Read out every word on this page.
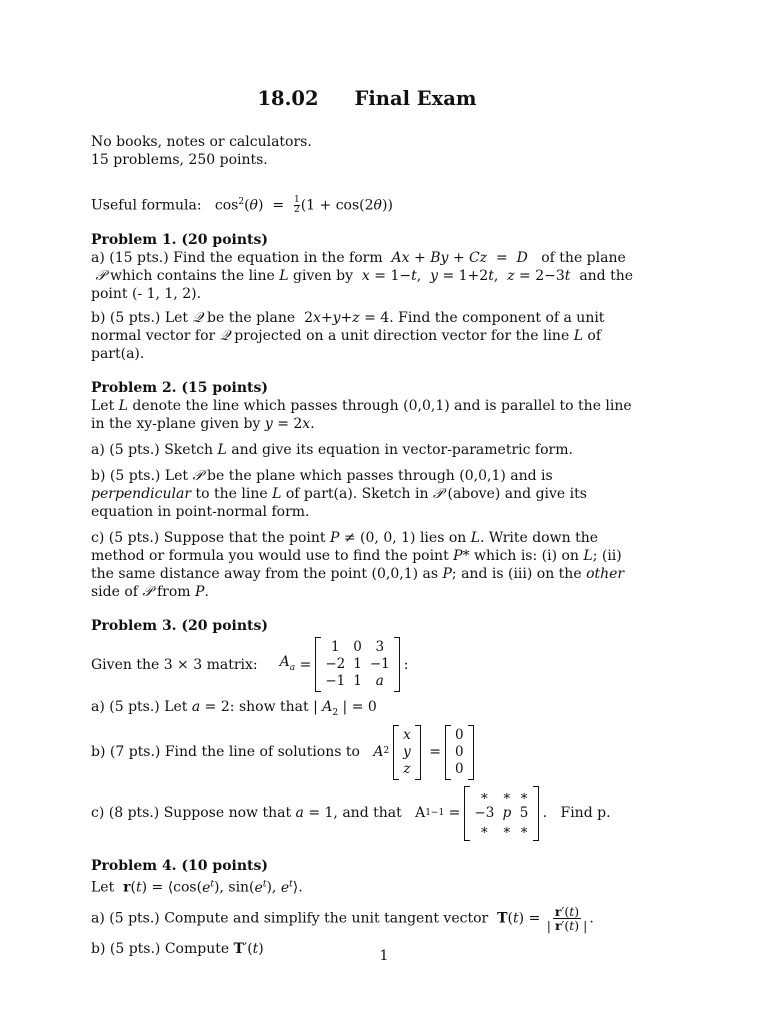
18.02 Final Exam

No books, notes or calculators.

15 problems, 250 points.

Useful formula:   $\cos^2(\theta) = \frac{1}{2} (1 + \cos(2\theta))$

Problem 1. (20 points)

a) (15 pts.) Find the equation in the form  Ax + By + Cz  =  D   of the plane  𝒫 which contains the line L given by  x = 1−t,  y = 1+2t,  z = 2−3t  and the point (- 1, 1, 2).

b) (5 pts.) Let 𝒬 be the plane  2x+y+z = 4. Find the component of a unit normal vector for 𝒬 projected on a unit direction vector for the line L of part(a).

Problem 2. (15 points)

Let L denote the line which passes through (0,0,1) and is parallel to the line in the xy-plane given by y = 2x.

a) (5 pts.) Sketch L and give its equation in vector-parametric form.

b) (5 pts.) Let 𝒫 be the plane which passes through (0,0,1) and is perpendicular to the line L of part(a). Sketch in 𝒫 (above) and give its equation in point-normal form.

c) (5 pts.) Suppose that the point P ≠ (0, 0, 1) lies on L. Write down the method or formula you would use to find the point P* which is: (i) on L; (ii) the same distance away from the point (0,0,1) as P; and is (iii) on the other side of 𝒫 from P.

Problem 3. (20 points)
Given the 3 × 3 matrix: $A_a$ =
1	0	3
−2 1 −1
−1 1	a
:

a) (5 pts.) Let a = 2: show that | $A_2$ | = 0

b) (7 pts.) Find the line of solutions to
A 2
x
y
z
=
0
0
0
c) (8 pts.) Suppose now that a = 1, and that   A 1 −1 =
∗ ∗ ∗
−3 p 5
∗ ∗ ∗
. Find p.
Problem 4. (10 points)

Let  $r(t) = ⟨\cos(e^t)$, $\sin(e^t)$, $e^t⟩$.

a) (5 pts.) Compute and simplify the unit tangent vector $T(t) = \frac{r'(t)}{| r'(t) |}$ .

b) (5 pts.) Compute T′(t)	1
